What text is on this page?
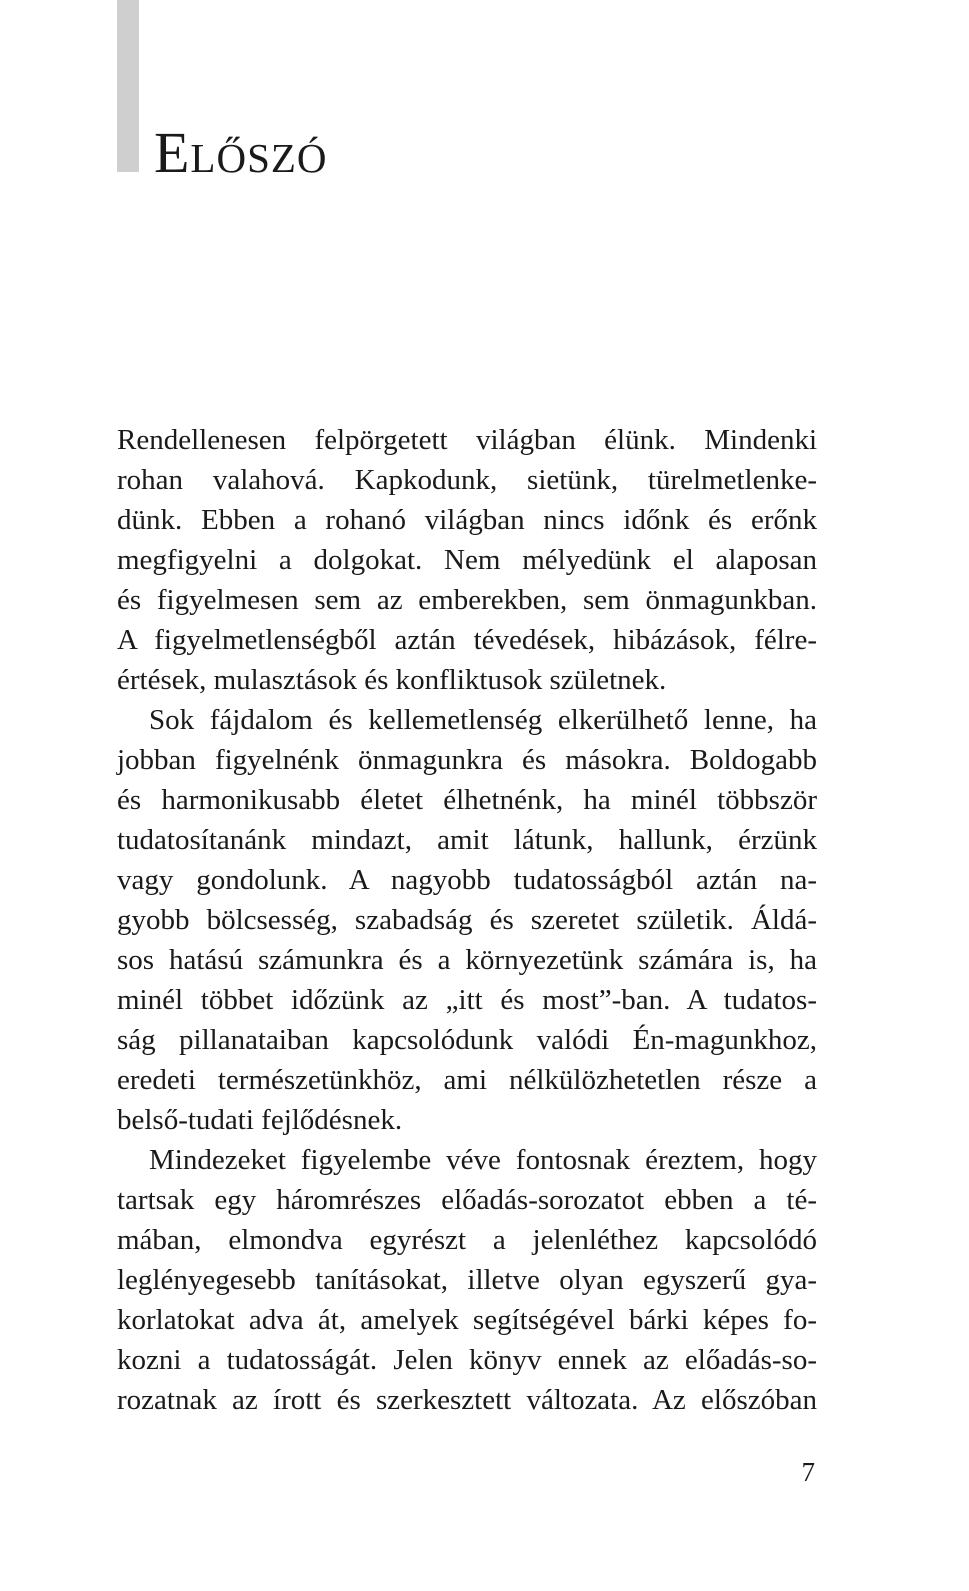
Előszó
Rendellenesen felpörgetett világban élünk. Mindenki
rohan valahová. Kapkodunk, sietünk, türelmetlenke-
dünk. Ebben a rohanó világban nincs időnk és erőnk
megfigyelni a dolgokat. Nem mélyedünk el alaposan
és figyelmesen sem az emberekben, sem önmagunkban.
A figyelmetlenségből aztán tévedések, hibázások, félre-
értések, mulasztások és konfliktusok születnek.
Sok fájdalom és kellemetlenség elkerülhető lenne, ha
jobban figyelnénk önmagunkra és másokra. Boldogabb
és harmonikusabb életet élhetnénk, ha minél többször
tudatosítanánk mindazt, amit látunk, hallunk, érzünk
vagy gondolunk. A nagyobb tudatosságból aztán na-
gyobb bölcsesség, szabadság és szeretet születik. Áldá-
sos hatású számunkra és a környezetünk számára is, ha
minél többet időzünk az „itt és most”-ban. A tudatos-
ság pillanataiban kapcsolódunk valódi Én-magunkhoz,
eredeti természetünkhöz, ami nélkülözhetetlen része a
belső-tudati fejlődésnek.
Mindezeket figyelembe véve fontosnak éreztem, hogy
tartsak egy háromrészes előadás-sorozatot ebben a té-
mában, elmondva egyrészt a jelenléthez kapcsolódó
leglényegesebb tanításokat, illetve olyan egyszerű gya-
korlatokat adva át, amelyek segítségével bárki képes fo-
kozni a tudatosságát. Jelen könyv ennek az előadás-so-
rozatnak az írott és szerkesztett változata. Az előszóban
7
